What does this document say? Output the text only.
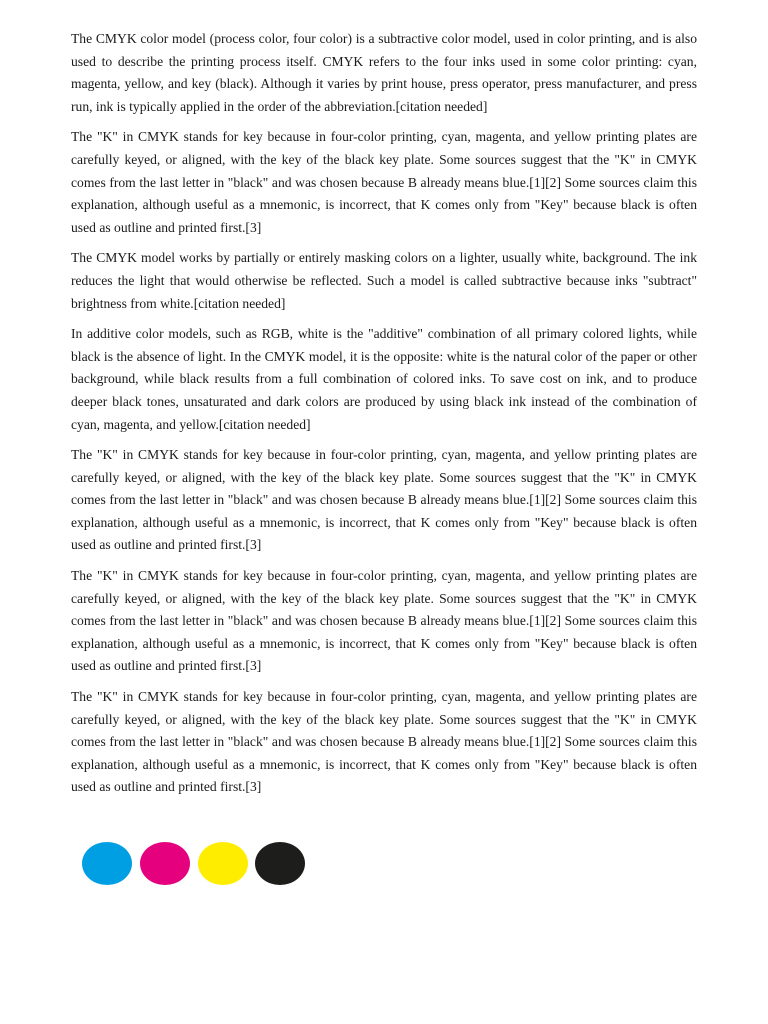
The CMYK color model (process color, four color) is a subtractive color model, used in color printing, and is also used to describe the printing process itself. CMYK refers to the four inks used in some color printing: cyan, magenta, yellow, and key (black). Although it varies by print house, press operator, press manufacturer, and press run, ink is typically applied in the order of the abbreviation.[citation needed]

The "K" in CMYK stands for key because in four-color printing, cyan, magenta, and yellow printing plates are carefully keyed, or aligned, with the key of the black key plate. Some sources suggest that the "K" in CMYK comes from the last letter in "black" and was chosen because B already means blue.[1][2] Some sources claim this explanation, although useful as a mnemonic, is incorrect, that K comes only from "Key" because black is often used as outline and printed first.[3]

The CMYK model works by partially or entirely masking colors on a lighter, usually white, background. The ink reduces the light that would otherwise be reflected. Such a model is called subtractive because inks "subtract" brightness from white.[citation needed]

In additive color models, such as RGB, white is the "additive" combination of all primary colored lights, while black is the absence of light. In the CMYK model, it is the opposite: white is the natural color of the paper or other background, while black results from a full combination of colored inks. To save cost on ink, and to produce deeper black tones, unsaturated and dark colors are produced by using black ink instead of the combination of cyan, magenta, and yellow.[citation needed]

The "K" in CMYK stands for key because in four-color printing, cyan, magenta, and yellow printing plates are carefully keyed, or aligned, with the key of the black key plate. Some sources suggest that the "K" in CMYK comes from the last letter in "black" and was chosen because B already means blue.[1][2] Some sources claim this explanation, although useful as a mnemonic, is incorrect, that K comes only from "Key" because black is often used as outline and printed first.[3]

The "K" in CMYK stands for key because in four-color printing, cyan, magenta, and yellow printing plates are carefully keyed, or aligned, with the key of the black key plate. Some sources suggest that the "K" in CMYK comes from the last letter in "black" and was chosen because B already means blue.[1][2] Some sources claim this explanation, although useful as a mnemonic, is incorrect, that K comes only from "Key" because black is often used as outline and printed first.[3]

The "K" in CMYK stands for key because in four-color printing, cyan, magenta, and yellow printing plates are carefully keyed, or aligned, with the key of the black key plate. Some sources suggest that the "K" in CMYK comes from the last letter in "black" and was chosen because B already means blue.[1][2] Some sources claim this explanation, although useful as a mnemonic, is incorrect, that K comes only from "Key" because black is often used as outline and printed first.[3]
